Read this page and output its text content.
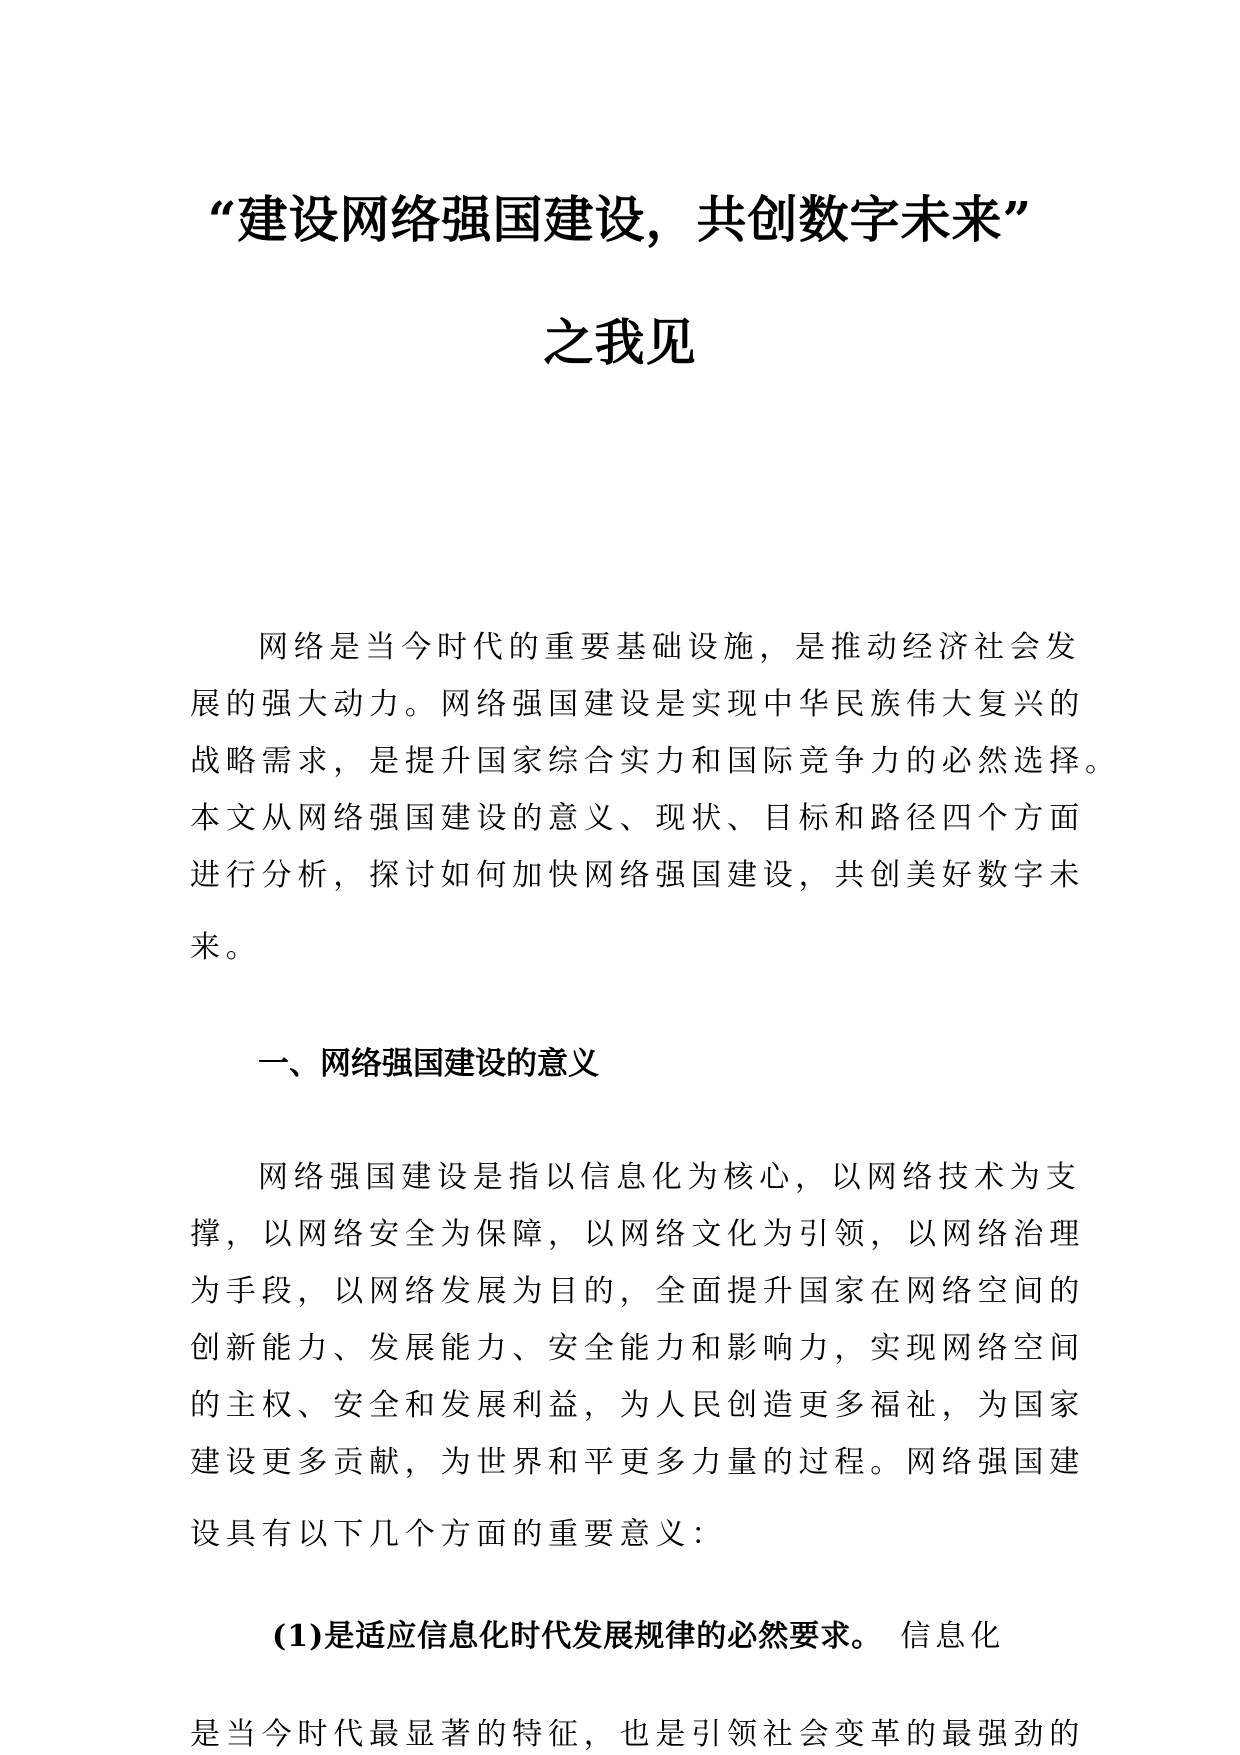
“建设网络强国建设，共创数字未来”
之我见
网络是当今时代的重要基础设施，是推动经济社会发
展的强大动力。网络强国建设是实现中华民族伟大复兴的
战略需求，是提升国家综合实力和国际竞争力的必然选择。
本文从网络强国建设的意义、现状、目标和路径四个方面
进行分析，探讨如何加快网络强国建设，共创美好数字未
来。
一、网络强国建设的意义
网络强国建设是指以信息化为核心，以网络技术为支
撑，以网络安全为保障，以网络文化为引领，以网络治理
为手段，以网络发展为目的，全面提升国家在网络空间的
创新能力、发展能力、安全能力和影响力，实现网络空间
的主权、安全和发展利益，为人民创造更多福祉，为国家
建设更多贡献，为世界和平更多力量的过程。网络强国建
设具有以下几个方面的重要意义：
(1)是适应信息化时代发展规律的必然要求。 信息化
是当今时代最显著的特征，也是引领社会变革的最强劲的
